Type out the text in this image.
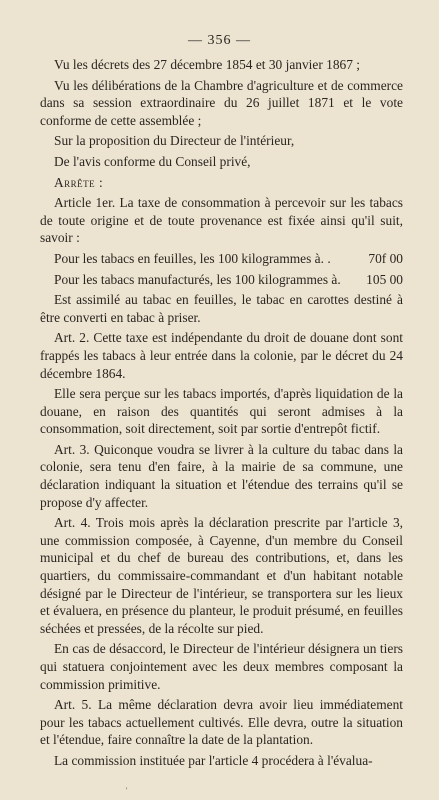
— 356 —

Vu les décrets des 27 décembre 1854 et 30 janvier 1867 ;

Vu les délibérations de la Chambre d'agriculture et de commerce dans sa session extraordinaire du 26 juillet 1871 et le vote conforme de cette assemblée ;

Sur la proposition du Directeur de l'intérieur,

De l'avis conforme du Conseil privé,

Arrête :

Article 1er. La taxe de consommation à percevoir sur les tabacs de toute origine et de toute provenance est fixée ainsi qu'il suit, savoir :

Pour les tabacs en feuilles, les 100 kilogrammes à. .	70f 00
Pour les tabacs manufacturés, les 100 kilogrammes à. 105 00

Est assimilé au tabac en feuilles, le tabac en carottes destiné à être converti en tabac à priser.

Art. 2. Cette taxe est indépendante du droit de douane dont sont frappés les tabacs à leur entrée dans la colonie, par le décret du 24 décembre 1864.

Elle sera perçue sur les tabacs importés, d'après liquidation de la douane, en raison des quantités qui seront admises à la consommation, soit directement, soit par sortie d'entrepôt fictif.

Art. 3. Quiconque voudra se livrer à la culture du tabac dans la colonie, sera tenu d'en faire, à la mairie de sa commune, une déclaration indiquant la situation et l'étendue des terrains qu'il se propose d'y affecter.

Art. 4. Trois mois après la déclaration prescrite par l'article 3, une commission composée, à Cayenne, d'un membre du Conseil municipal et du chef de bureau des contributions, et, dans les quartiers, du commissaire-commandant et d'un habitant notable désigné par le Directeur de l'intérieur, se transportera sur les lieux et évaluera, en présence du planteur, le produit présumé, en feuilles séchées et pressées, de la récolte sur pied.

En cas de désaccord, le Directeur de l'intérieur désignera un tiers qui statuera conjointement avec les deux membres composant la commission primitive.

Art. 5. La même déclaration devra avoir lieu immédiatement pour les tabacs actuellement cultivés. Elle devra, outre la situation et l'étendue, faire connaître la date de la plantation.

La commission instituée par l'article 4 procédera à l'évalua-

'
